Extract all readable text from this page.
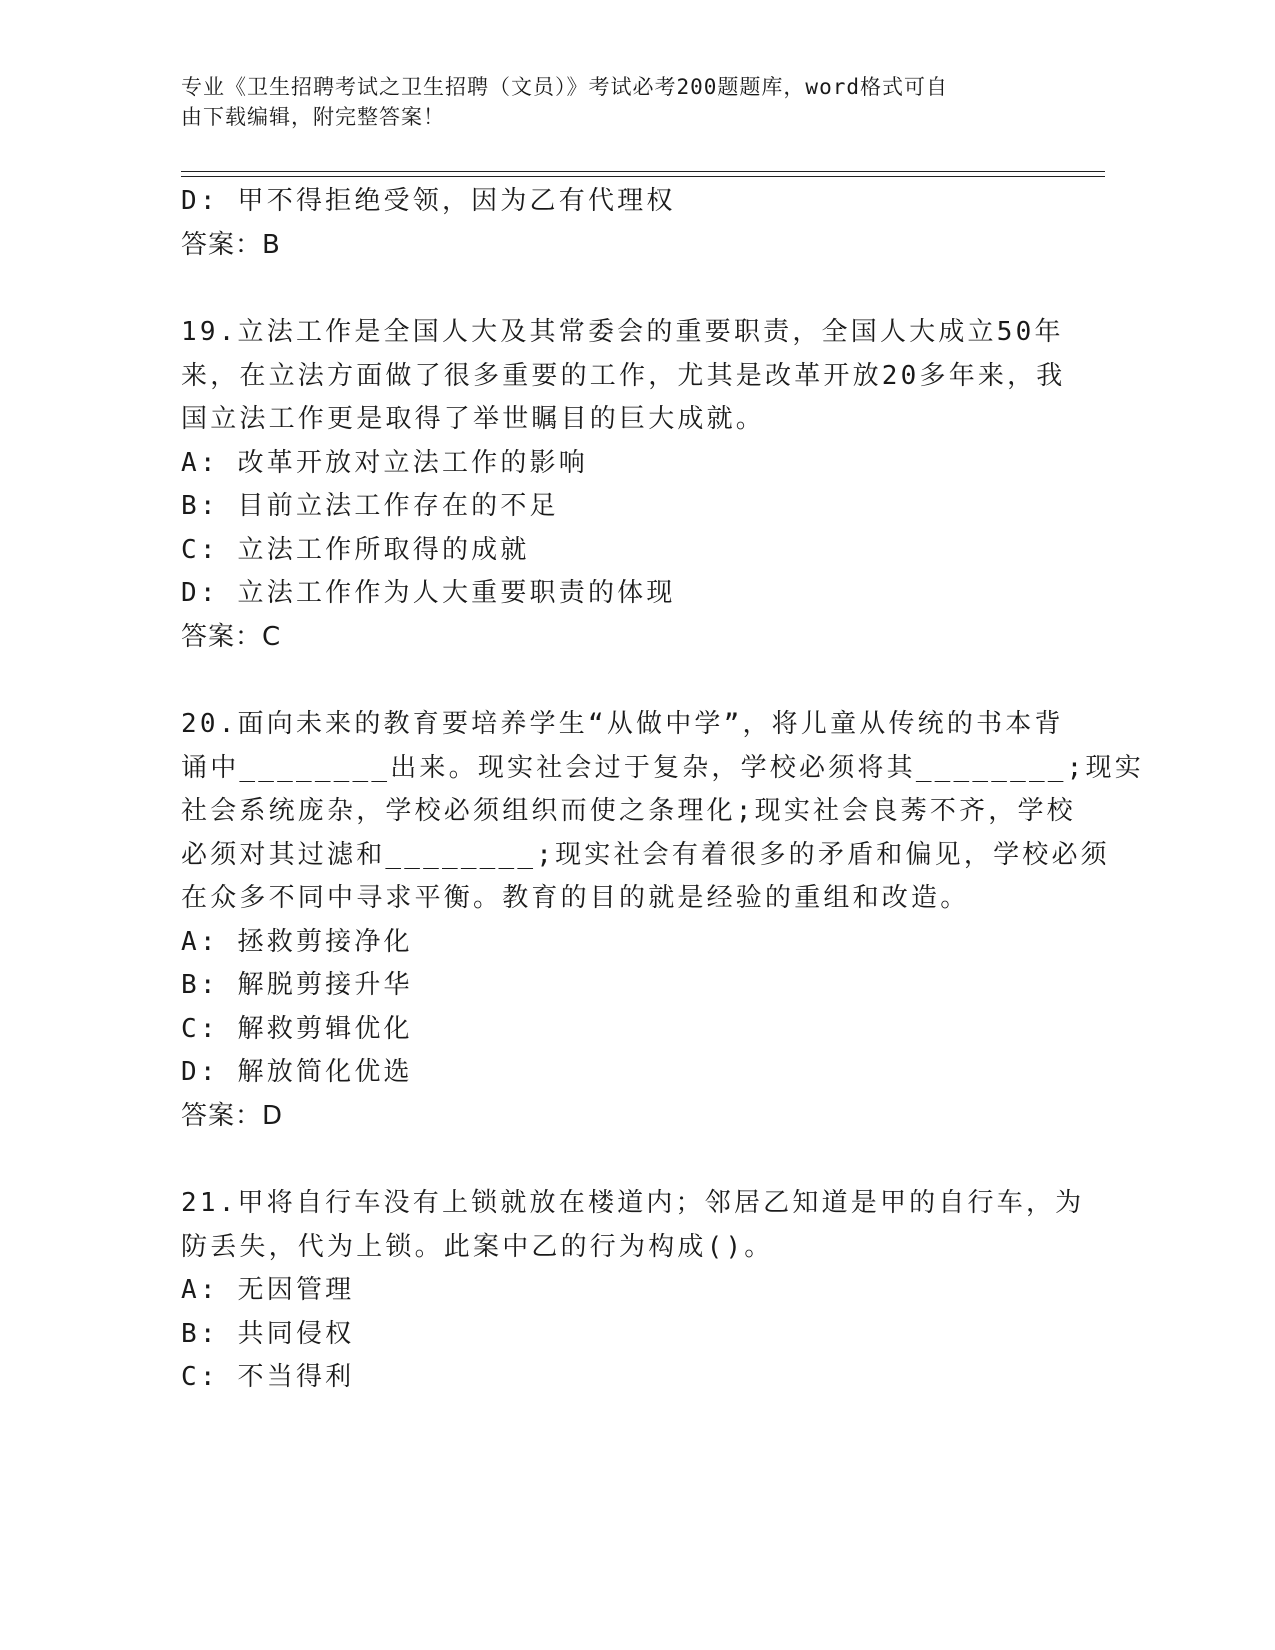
专业《卫生招聘考试之卫生招聘（文员）》考试必考200题题库，word格式可自
由下载编辑，附完整答案！
D: 甲不得拒绝受领，因为乙有代理权
答案：B
19.立法工作是全国人大及其常委会的重要职责，全国人大成立50年
来，在立法方面做了很多重要的工作，尤其是改革开放20多年来，我
国立法工作更是取得了举世瞩目的巨大成就。
A: 改革开放对立法工作的影响
B: 目前立法工作存在的不足
C: 立法工作所取得的成就
D: 立法工作作为人大重要职责的体现
答案：C
20.面向未来的教育要培养学生“从做中学”，将儿童从传统的书本背
诵中________出来。现实社会过于复杂，学校必须将其________;现实
社会系统庞杂，学校必须组织而使之条理化;现实社会良莠不齐，学校
必须对其过滤和________;现实社会有着很多的矛盾和偏见，学校必须
在众多不同中寻求平衡。教育的目的就是经验的重组和改造。
A: 拯救剪接净化
B: 解脱剪接升华
C: 解救剪辑优化
D: 解放简化优选
答案：D
21.甲将自行车没有上锁就放在楼道内；邻居乙知道是甲的自行车，为
防丢失，代为上锁。此案中乙的行为构成()。
A: 无因管理
B: 共同侵权
C: 不当得利
